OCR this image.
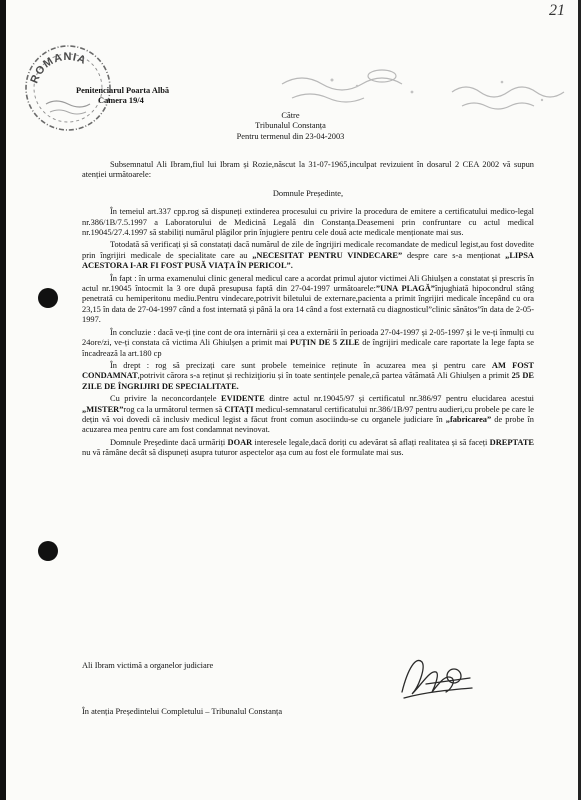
21
ROMANIA
Penitenciarul Poarta Albă
Camera 19/4
Către
Tribunalul Constanța
Pentru termenul din 23-04-2003

Subsemnatul Ali Ibram,fiul lui Ibram și Rozie,născut la 31-07-1965,inculpat revizuient în dosarul 2 CEA 2002 vă supun atenției următoarele:

Domnule Președinte,

În temeiul art.337 cpp.rog să dispuneți extinderea procesului cu privire la procedura de emitere a certificatului medico-legal nr.386/1B/7.5.1997 a Laboratorului de Medicină Legală din Constanța.Deasemeni prin confruntare cu actul medical nr.19045/27.4.1997 să stabiliți numărul plăgilor prin înjugiere pentru cele două acte medicale menționate mai sus.

Totodată să verificați și să constatați dacă numărul de zile de îngrijiri medicale recomandate de medicul legist,au fost dovedite prin îngrijiri medicale de specialitate care au „NECESITAT PENTRU VINDECARE” despre care s-a menționat „LIPSA ACESTORA I-AR FI FOST PUSĂ VIAȚA ÎN PERICOL”.

În fapt : în urma examenului clinic general medicul care a acordat primul ajutor victimei Ali Ghiulșen a constatat și prescris în actul nr.19045 întocmit la 3 ore după presupusa faptă din 27-04-1997 următoarele:”UNA PLAGĂ”înjughiată hipocondrul stâng penetrată cu hemiperitonu mediu.Pentru vindecare,potrivit biletului de externare,pacienta a primit îngrijiri medicale începând cu ora 23,15 în data de 27-04-1997 când a fost internată și până la ora 14 când a fost externată cu diagnosticul”clinic sănătos”în data de 2-05-1997.

În concluzie : dacă ve-ți ține cont de ora internării și cea a externării în perioada 27-04-1997 și 2-05-1997 și le ve-ți înmulți cu 24ore/zi, ve-ți constata că victima Ali Ghiulșen a primit mai PUȚIN DE 5 ZILE de îngrijiri medicale care raportate la lege fapta se încadrează la art.180 cp

În drept : rog să precizați care sunt probele temeinice reținute în acuzarea mea și pentru care AM FOST CONDAMNAT,potrivit cărora s-a reținut și rechiziţioriu și în toate sentințele penale,că partea vătămată Ali Ghiulșen a primit 25 DE ZILE DE ÎNGRIJIRI DE SPECIALITATE.

Cu privire la neconcordanțele EVIDENTE dintre actul nr.19045/97 și certificatul nr.386/97 pentru elucidarea acestui „MISTER”rog ca la următorul termen să CITAȚI medicul-semnatarul certificatului nr.386/1B/97 pentru audieri,cu probele pe care le dețin vă voi dovedi că inclusiv medicul legist a făcut front comun asociindu-se cu organele judiciare în „fabricarea” de probe în acuzarea mea pentru care am fost condamnat nevinovat.

Domnule Președinte dacă urmăriți DOAR interesele legale,dacă doriți cu adevărat să aflați realitatea și să faceți DREPTATE nu vă rămâne decât să dispuneți asupra tuturor aspectelor așa cum au fost ele formulate mai sus.

Ali Ibram victimă a organelor judiciare
În atenția Președintelui Completului – Tribunalul Constanța
